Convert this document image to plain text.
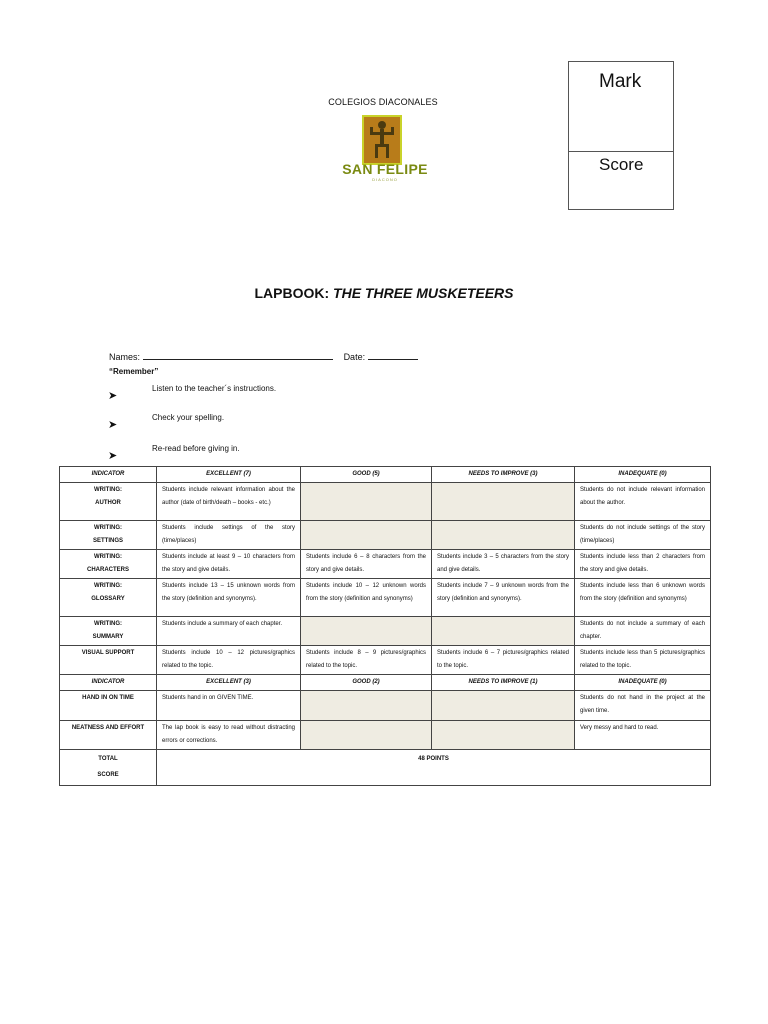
COLEGIOS DIACONALES
SAN FELIPE
DIACONO
Mark
Score
LAPBOOK: THE THREE MUSKETEERS
Names:	Date:
“Remember”
➤
Listen to the teacher´s instructions.
➤
Check your spelling.
➤
Re-read before giving in.
INDICATOR	EXCELLENT (7)	GOOD (5)	NEEDS TO IMPROVE (3)	INADEQUATE (0)
WRITING:
AUTHOR	Students include relevant information about the author (date of birth/death – books - etc.)			Students do not include relevant information about the author.
WRITING:
SETTINGS	Students include settings of the story (time/places)			Students do not include settings of the story (time/places)
WRITING:
CHARACTERS	Students include at least 9 – 10 characters from the story and give details.	Students include 6 – 8 characters from the story and give details.	Students include 3 – 5 characters from the story and give details.	Students include less than 2 characters from the story and give details.
WRITING:
GLOSSARY	Students include 13 – 15 unknown words from the story (definition and synonyms).	Students include 10 – 12 unknown words from the story (definition and synonyms)	Students include 7 – 9 unknown words from the story (definition and synonyms).	Students include less than 6 unknown words from the story (definition and synonyms)
WRITING:
SUMMARY	Students include a summary of each chapter.			Students do not include a summary of each chapter.
VISUAL SUPPORT	Students include 10 – 12 pictures/graphics related to the topic.	Students include 8 – 9 pictures/graphics related to the topic.	Students include 6 – 7 pictures/graphics related to the topic.	Students include less than 5 pictures/graphics related to the topic.
INDICATOR	EXCELLENT (3)	GOOD (2)	NEEDS TO IMPROVE (1)	INADEQUATE (0)
HAND IN ON TIME	Students hand in on GIVEN TIME.			Students do not hand in the project at the given time.
NEATNESS AND EFFORT	The lap book is easy to read without distracting errors or corrections.			Very messy and hard to read.
TOTAL
SCORE	48 POINTS			
